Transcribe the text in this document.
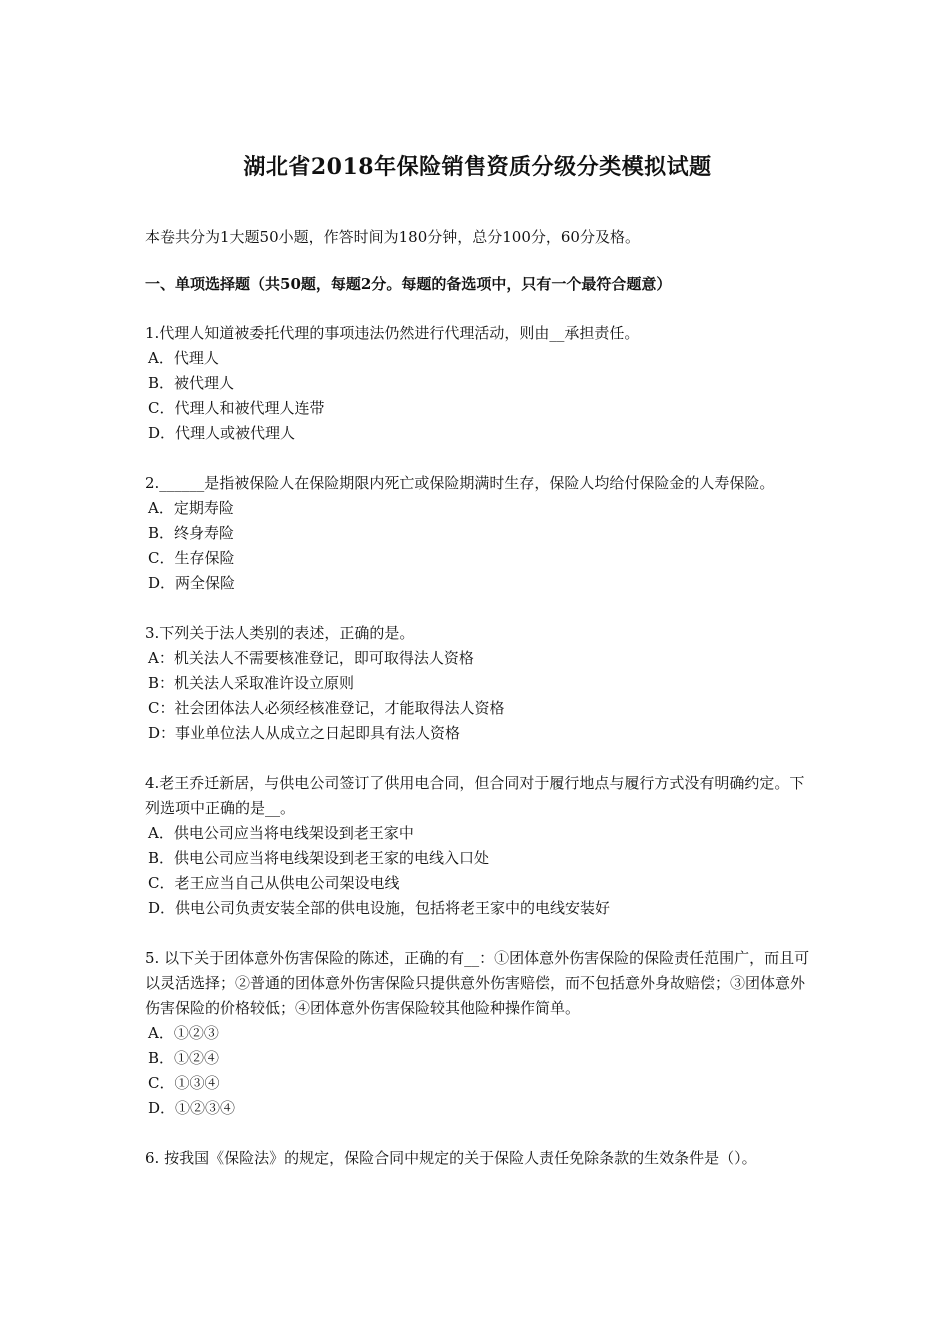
湖北省2018年保险销售资质分级分类模拟试题
本卷共分为1大题50小题，作答时间为180分钟，总分100分，60分及格。
一、单项选择题（共50题，每题2分。每题的备选项中，只有一个最符合题意）

1.代理人知道被委托代理的事项违法仍然进行代理活动，则由__承担责任。

A．代理人

B．被代理人

C．代理人和被代理人连带

D．代理人或被代理人

2.______是指被保险人在保险期限内死亡或保险期满时生存，保险人均给付保险金的人寿保险。

A．定期寿险

B．终身寿险

C．生存保险

D．两全保险

3.下列关于法人类别的表述，正确的是。

A：机关法人不需要核准登记，即可取得法人资格

B：机关法人采取准许设立原则

C：社会团体法人必须经核准登记，才能取得法人资格

D：事业单位法人从成立之日起即具有法人资格

4.老王乔迁新居，与供电公司签订了供用电合同，但合同对于履行地点与履行方式没有明确约定。下列选项中正确的是__。

A．供电公司应当将电线架设到老王家中

B．供电公司应当将电线架设到老王家的电线入口处

C．老王应当自己从供电公司架设电线

D．供电公司负责安装全部的供电设施，包括将老王家中的电线安装好

5. 以下关于团体意外伤害保险的陈述，正确的有__：①团体意外伤害保险的保险责任范围广，而且可以灵活选择；②普通的团体意外伤害保险只提供意外伤害赔偿，而不包括意外身故赔偿；③团体意外伤害保险的价格较低；④团体意外伤害保险较其他险种操作简单。

A．①②③

B．①②④

C．①③④

D．①②③④

6. 按我国《保险法》的规定，保险合同中规定的关于保险人责任免除条款的生效条件是（）。
